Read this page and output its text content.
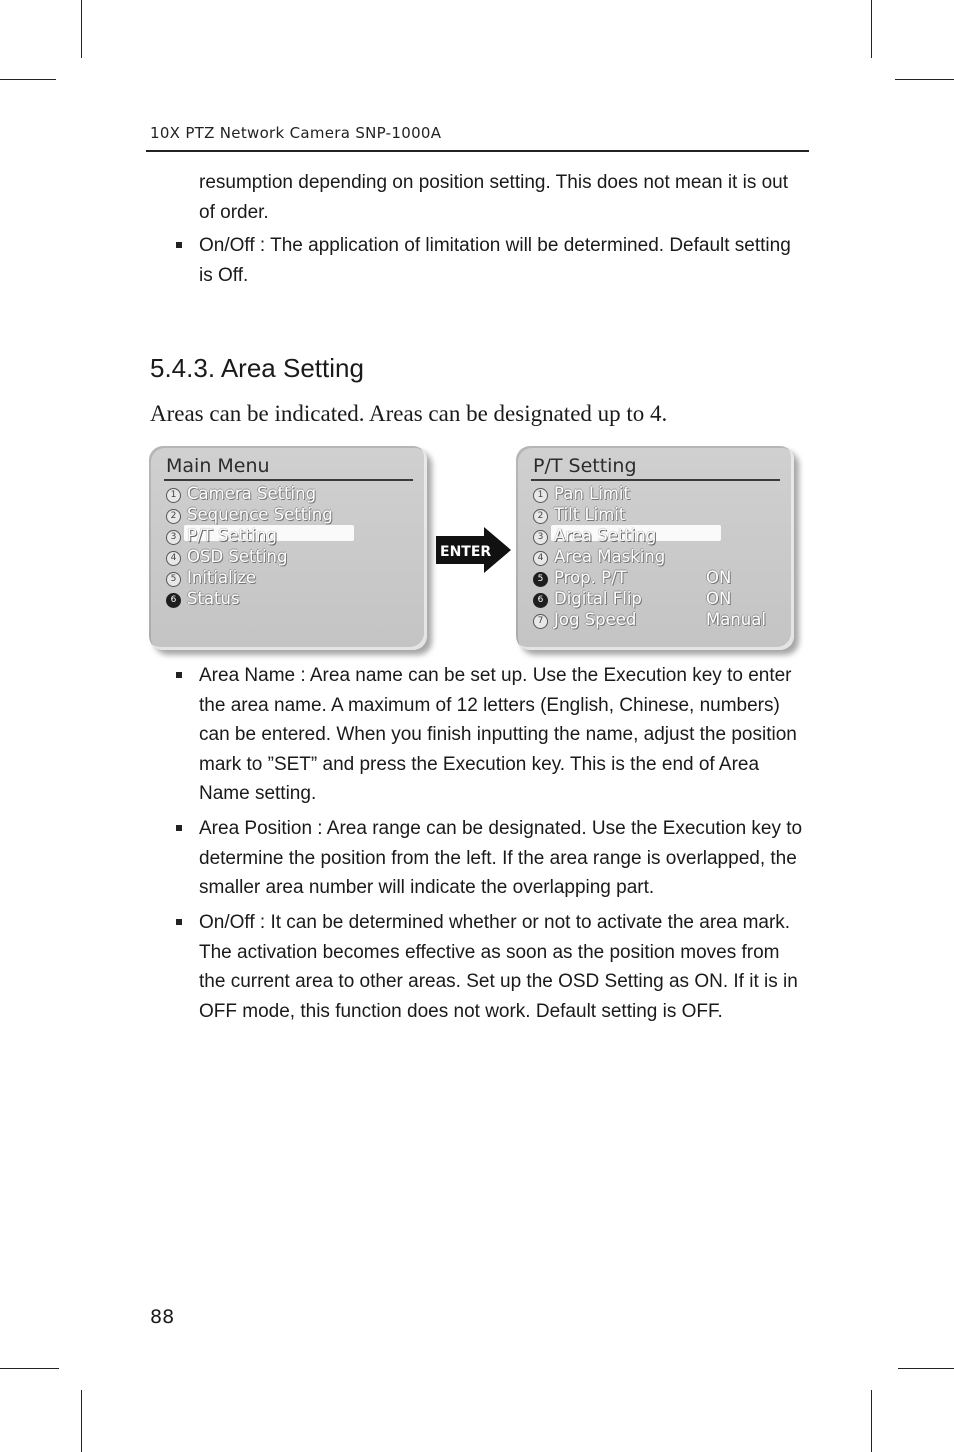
10X PTZ Network Camera SNP-1000A

resumption depending on position setting. This does not mean it is out of order.

On/Off : The application of limitation will be determined. Default setting is Off.
5.4.3. Area Setting

Areas can be indicated. Areas can be designated up to 4.

Main Menu
1 Camera Setting
2 Sequence Setting
3 P/T Setting
4 OSD Setting
5 Initialize
6 Status
ENTER
P/T Setting
1 Pan Limit
2 Tilt Limit
3 Area Setting
4 Area Masking
5 Prop. P/T	ON
6 Digital Flip	ON
7 Jog Speed	Manual
Area Name : Area name can be set up. Use the Execution key to enter the area name. A maximum of 12 letters (English, Chinese, numbers) can be entered. When you finish inputting the name, adjust the position mark to ”SET” and press the Execution key. This is the end of Area Name setting.
Area Position : Area range can be designated. Use the Execution key to determine the position from the left. If the area range is overlapped, the smaller area number will indicate the overlapping part.
On/Off : It can be determined whether or not to activate the area mark. The activation becomes effective as soon as the position moves from the current area to other areas. Set up the OSD Setting as ON. If it is in OFF mode, this function does not work. Default setting is OFF.
88
